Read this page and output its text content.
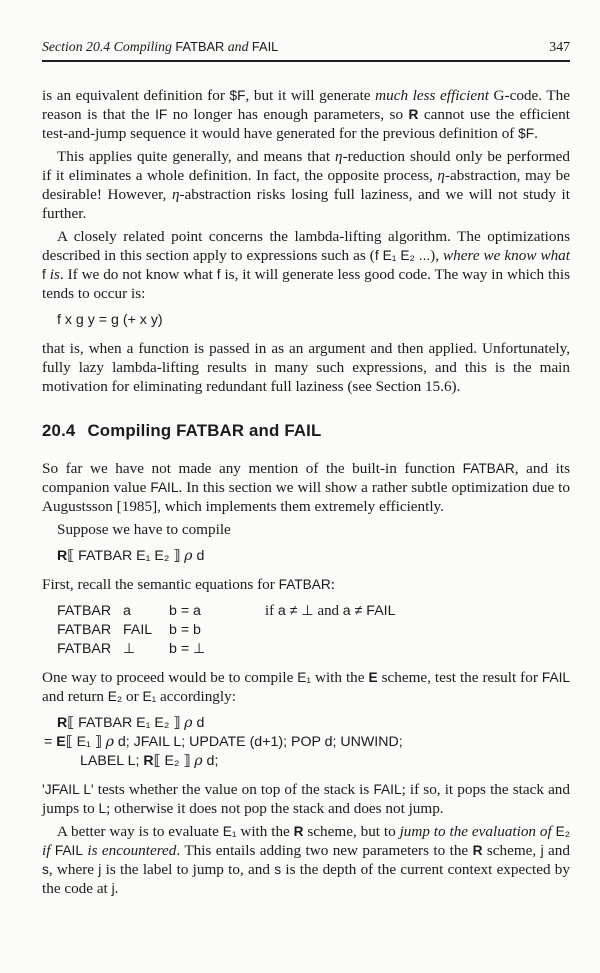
Section 20.4 Compiling FATBAR and FAIL	347

is an equivalent definition for $F, but it will generate much less efficient G-code. The reason is that the IF no longer has enough parameters, so R cannot use the efficient test-and-jump sequence it would have generated for the previous definition of $F.

This applies quite generally, and means that η-reduction should only be performed if it eliminates a whole definition. In fact, the opposite process, η-abstraction, may be desirable! However, η-abstraction risks losing full laziness, and we will not study it further.

A closely related point concerns the lambda-lifting algorithm. The optimizations described in this section apply to expressions such as (f E₁ E₂ ...), where we know what f is. If we do not know what f is, it will generate less good code. The way in which this tends to occur is:

f x g y = g (+ x y)

that is, when a function is passed in as an argument and then applied. Unfortunately, fully lazy lambda-lifting results in many such expressions, and this is the main motivation for eliminating redundant full laziness (see Section 15.6).

20.4 Compiling FATBAR and FAIL

So far we have not made any mention of the built-in function FATBAR, and its companion value FAIL. In this section we will show a rather subtle optimization due to Augustsson [1985], which implements them extremely efficiently.

Suppose we have to compile

R⟦ FATBAR E₁ E₂ ⟧ ρ d

First, recall the semantic equations for FATBAR:

FATBAR a	b = a	if a ≠ ⊥ and a ≠ FAIL
FATBAR FAIL b = b
FATBAR ⊥ b = ⊥

One way to proceed would be to compile E₁ with the E scheme, test the result for FAIL and return E₂ or E₁ accordingly:

R⟦ FATBAR E₁ E₂ ⟧ ρ d
= E⟦ E₁ ⟧ ρ d; JFAIL L; UPDATE (d+1); POP d; UNWIND;
LABEL L; R⟦ E₂ ⟧ ρ d;

'JFAIL L' tests whether the value on top of the stack is FAIL; if so, it pops the stack and jumps to L; otherwise it does not pop the stack and does not jump.

A better way is to evaluate E₁ with the R scheme, but to jump to the evaluation of E₂ if FAIL is encountered. This entails adding two new parameters to the R scheme, j and s, where j is the label to jump to, and s is the depth of the current context expected by the code at j.
